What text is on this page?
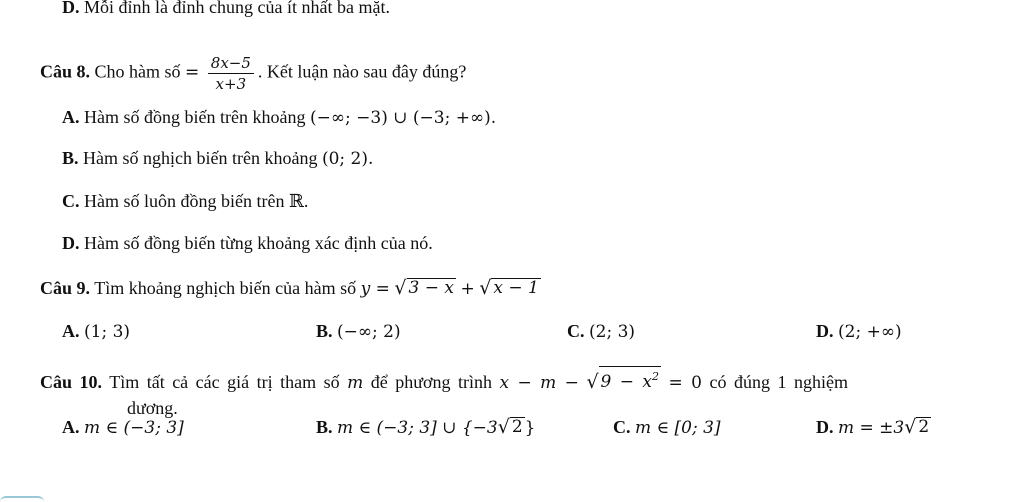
D. Mỗi đỉnh là đỉnh chung của ít nhất ba mặt.
Câu 8. Cho hàm số = $\frac{8x-5}{x+3}$ . Kết luận nào sau đây đúng?
A. Hàm số đồng biến trên khoảng (−∞; −3) ∪ (−3; +∞).
B. Hàm số nghịch biến trên khoảng (0; 2).
C. Hàm số luôn đồng biến trên ℝ.
D. Hàm số đồng biến từng khoảng xác định của nó.
Câu 9. Tìm khoảng nghịch biến của hàm số y = √ 3 − x + √ x − 1
A. (1; 3)	B. (−∞; 2)	C. (2; 3)	D. (2; +∞)
Câu 10. Tìm tất cả các giá trị tham số m để phương trình x − m − √ $9 - x^2 = 0$ có đúng 1 nghiệm
dương.
A. m ∈ (−3; 3]	B. m ∈ (−3; 3] ∪ {−3 √ 2 }	C. m ∈ [0; 3]	D. m = ±3 √ 2
